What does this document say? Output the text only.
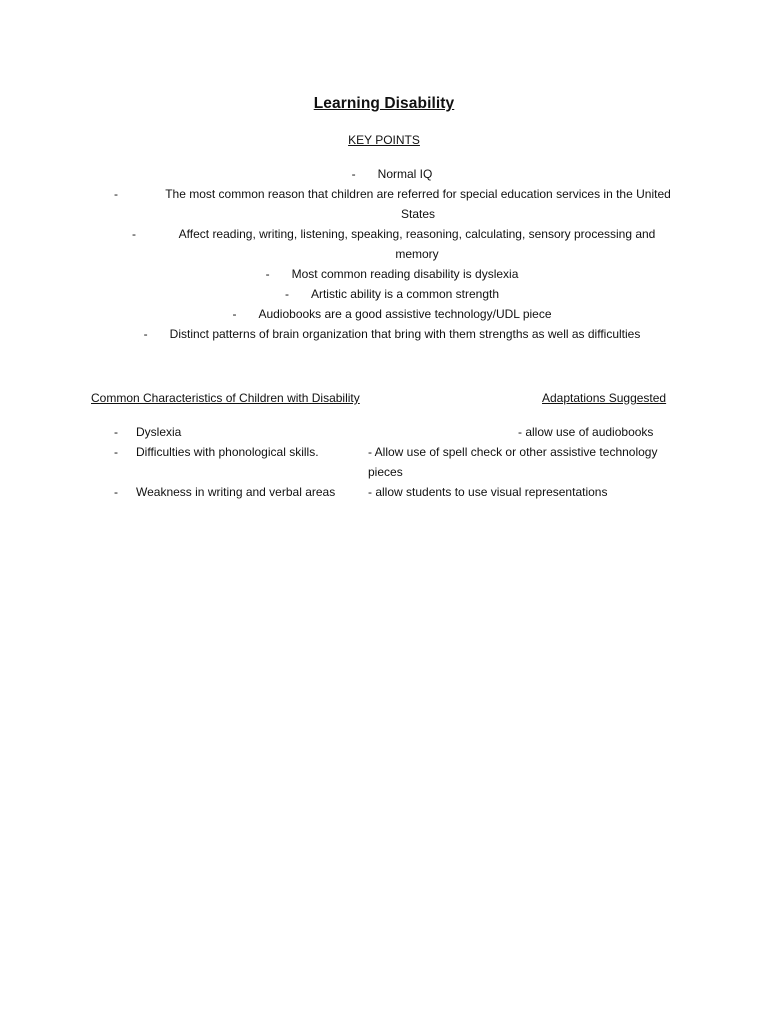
Learning Disability
KEY POINTS
-	Normal IQ
-	The most common reason that children are referred for special education services in the United States
-	Affect reading, writing, listening, speaking, reasoning, calculating, sensory processing and memory
-	Most common reading disability is dyslexia
-	Artistic ability is a common strength
-	Audiobooks are a good assistive technology/UDL piece
-	Distinct patterns of brain organization that bring with them strengths as well as difficulties
Common Characteristics of Children with Disability	Adaptations Suggested
- Dyslexia	- allow use of audiobooks
- Difficulties with phonological skills.	- Allow use of spell check or other assistive technology pieces
- Weakness in writing and verbal areas	- allow students to use visual representations
